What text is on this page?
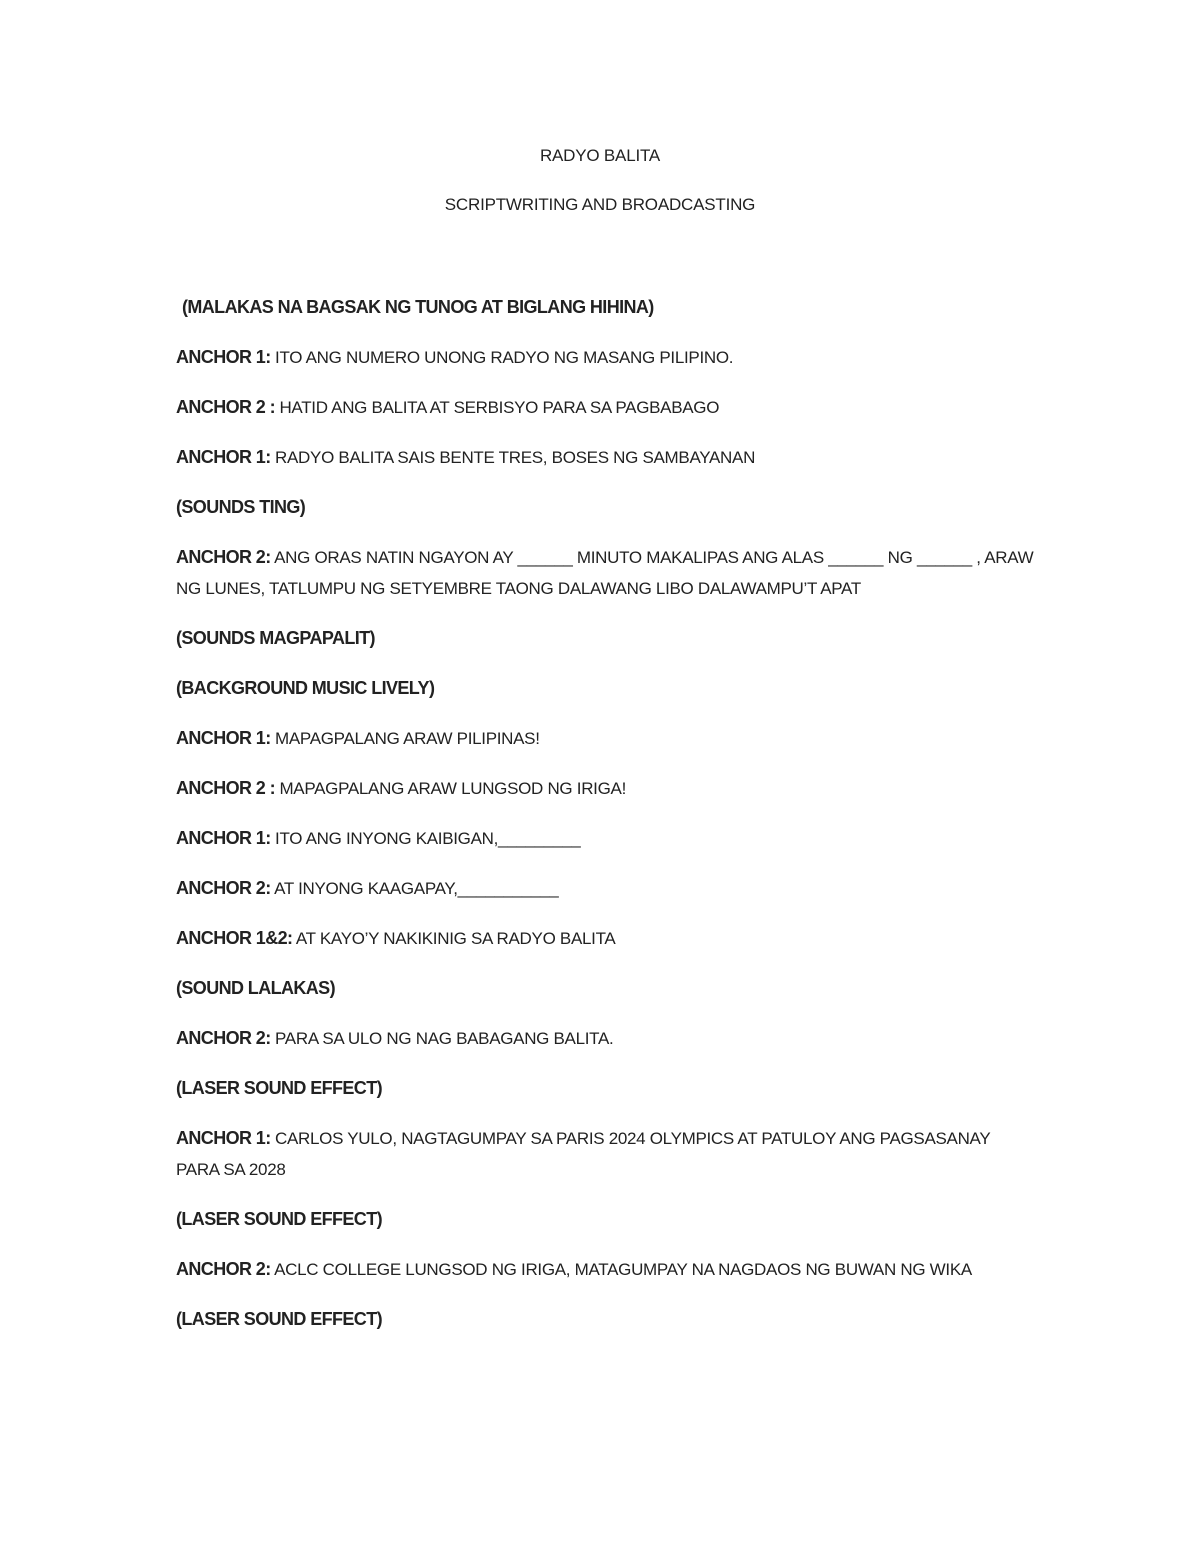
RADYO BALITA
SCRIPTWRITING AND BROADCASTING

(MALAKAS NA BAGSAK NG TUNOG AT BIGLANG HIHINA)

ANCHOR 1: ITO ANG NUMERO UNONG RADYO NG MASANG PILIPINO.

ANCHOR 2 : HATID ANG BALITA AT SERBISYO PARA SA PAGBABAGO

ANCHOR 1: RADYO BALITA SAIS BENTE TRES, BOSES NG SAMBAYANAN

(SOUNDS TING)

ANCHOR 2: ANG ORAS NATIN NGAYON AY ______ MINUTO MAKALIPAS ANG ALAS ______ NG ______ , ARAW NG LUNES, TATLUMPU NG SETYEMBRE TAONG DALAWANG LIBO DALAWAMPU’T APAT

(SOUNDS MAGPAPALIT)

(BACKGROUND MUSIC LIVELY)

ANCHOR 1: MAPAGPALANG ARAW PILIPINAS!

ANCHOR 2 : MAPAGPALANG ARAW LUNGSOD NG IRIGA!

ANCHOR 1: ITO ANG INYONG KAIBIGAN,_________

ANCHOR 2: AT INYONG KAAGAPAY,___________

ANCHOR 1&2: AT KAYO’Y NAKIKINIG SA RADYO BALITA

(SOUND LALAKAS)

ANCHOR 2: PARA SA ULO NG NAG BABAGANG BALITA.

(LASER SOUND EFFECT)

ANCHOR 1: CARLOS YULO, NAGTAGUMPAY SA PARIS 2024 OLYMPICS AT PATULOY ANG PAGSASANAY PARA SA 2028

(LASER SOUND EFFECT)

ANCHOR 2: ACLC COLLEGE LUNGSOD NG IRIGA, MATAGUMPAY NA NAGDAOS NG BUWAN NG WIKA

(LASER SOUND EFFECT)
